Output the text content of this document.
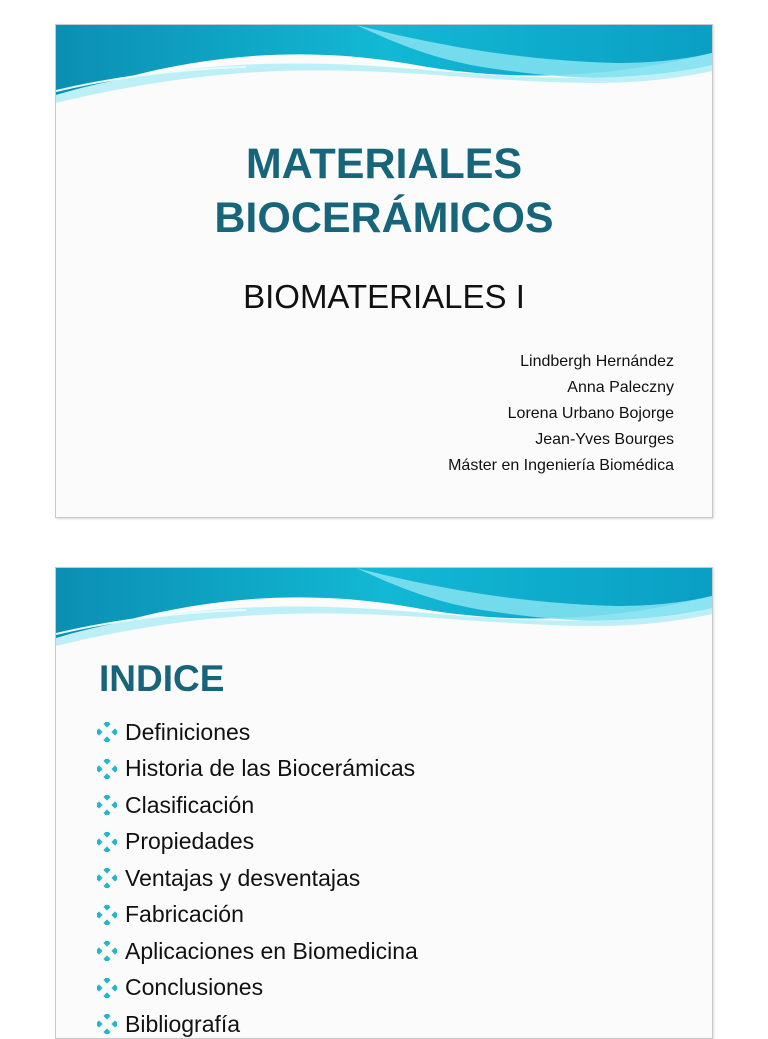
MATERIALES
BIOCERÁMICOS
BIOMATERIALES I
Lindbergh Hernández
Anna Paleczny
Lorena Urbano Bojorge
Jean-Yves Bourges
Máster en Ingeniería Biomédica
INDICE
Definiciones
Historia de las Biocerámicas
Clasificación
Propiedades
Ventajas y desventajas
Fabricación
Aplicaciones en Biomedicina
Conclusiones
Bibliografía
